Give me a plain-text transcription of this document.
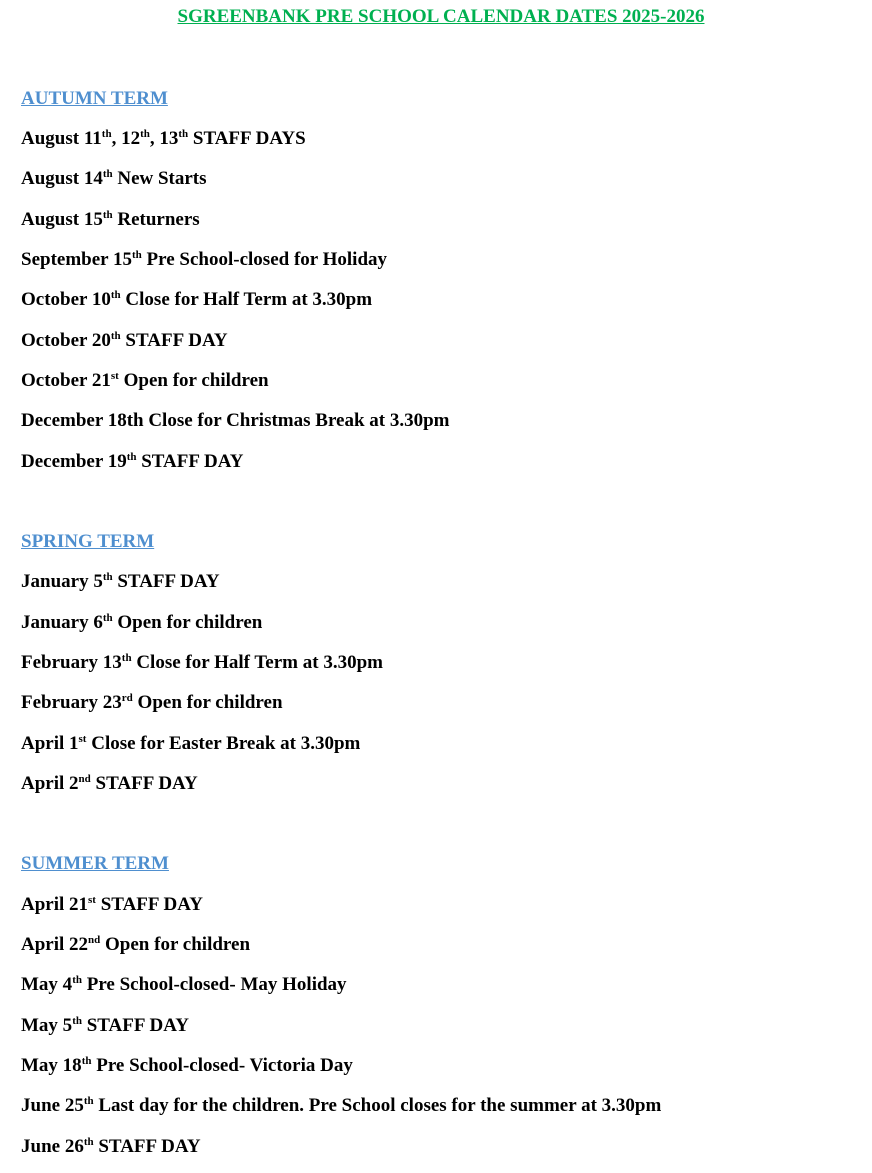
SGREENBANK PRE SCHOOL CALENDAR DATES 2025-2026
AUTUMN TERM
August 11th, 12th, 13th STAFF DAYS
August 14th New Starts
August 15th Returners
September 15th Pre School-closed for Holiday
October 10th Close for Half Term at 3.30pm
October 20th STAFF DAY
October 21st Open for children
December 18th Close for Christmas Break at 3.30pm
December 19th STAFF DAY
SPRING TERM
January 5th STAFF DAY
January 6th Open for children
February 13th Close for Half Term at 3.30pm
February 23rd Open for children
April 1st Close for Easter Break at 3.30pm
April 2nd STAFF DAY
SUMMER TERM
April 21st STAFF DAY
April 22nd Open for children
May 4th Pre School-closed- May Holiday
May 5th STAFF DAY
May 18th Pre School-closed- Victoria Day
June 25th Last day for the children. Pre School closes for the summer at 3.30pm
June 26th STAFF DAY
